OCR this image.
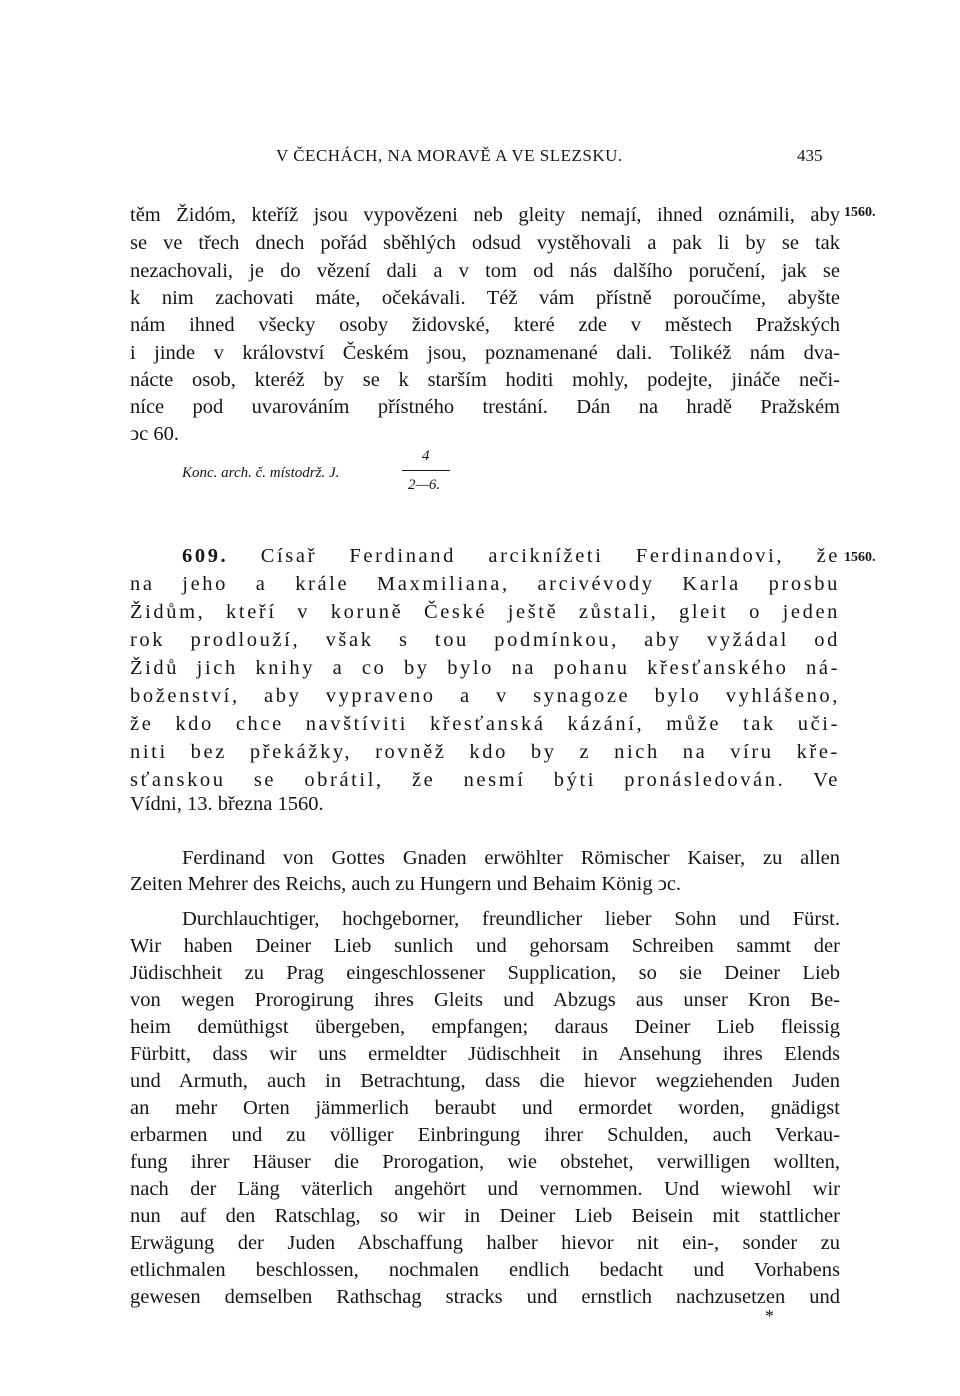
V ČECHÁCH, NA MORAVĚ A VE SLEZSKU.	435
1560.
těm Židóm, kteříž jsou vypovězeni neb gleity nemají, ihned oznámili, aby
se ve třech dnech pořád sběhlých odsud vystěhovali a pak li by se tak
nezachovali, je do vězení dali a v tom od nás dalšího poručení, jak se
k nim zachovati máte, očekávali. Též vám přístně poroučíme, abyšte
nám ihned všecky osoby židovské, které zde v městech Pražských
i jinde v království Českém jsou, poznamenané dali. Tolikéž nám dva-
nácte osob, kteréž by se k starším hoditi mohly, podejte, jináče neči-
níce pod uvarováním přístného trestání. Dán na hradě Pražském
ↄc 60.
Konc. arch. č. místodrž. J.
4
2—6.
1560.
609. Císař Ferdinand arciknížeti Ferdinandovi, že
na jeho a krále Maxmiliana, arcivévody Karla prosbu
Židům, kteří v koruně České ještě zůstali, gleit o jeden
rok prodlouží, však s tou podmínkou, aby vyžádal od
Židů jich knihy a co by bylo na pohanu křesťanského ná-
boženství, aby vypraveno a v synagoze bylo vyhlášeno,
že kdo chce navštíviti křesťanská kázání, může tak uči-
niti bez překážky, rovněž kdo by z nich na víru kře-
sťanskou se obrátil, že nesmí býti pronásledován. Ve
Vídni, 13. března 1560.
Ferdinand von Gottes Gnaden erwöhlter Römischer Kaiser, zu allen
Zeiten Mehrer des Reichs, auch zu Hungern und Behaim König ↄc.
Durchlauchtiger, hochgeborner, freundlicher lieber Sohn und Fürst.
Wir haben Deiner Lieb sunlich und gehorsam Schreiben sammt der
Jüdischheit zu Prag eingeschlossener Supplication, so sie Deiner Lieb
von wegen Prorogirung ihres Gleits und Abzugs aus unser Kron Be-
heim demüthigst übergeben, empfangen; daraus Deiner Lieb fleissig
Fürbitt, dass wir uns ermeldter Jüdischheit in Ansehung ihres Elends
und Armuth, auch in Betrachtung, dass die hievor wegziehenden Juden
an mehr Orten jämmerlich beraubt und ermordet worden, gnädigst
erbarmen und zu völliger Einbringung ihrer Schulden, auch Verkau-
fung ihrer Häuser die Prorogation, wie obstehet, verwilligen wollten,
nach der Läng väterlich angehört und vernommen. Und wiewohl wir
nun auf den Ratschlag, so wir in Deiner Lieb Beisein mit stattlicher
Erwägung der Juden Abschaffung halber hievor nit ein-, sonder zu
etlichmalen beschlossen, nochmalen endlich bedacht und Vorhabens
gewesen demselben Rathschag stracks und ernstlich nachzusetzen und
*
